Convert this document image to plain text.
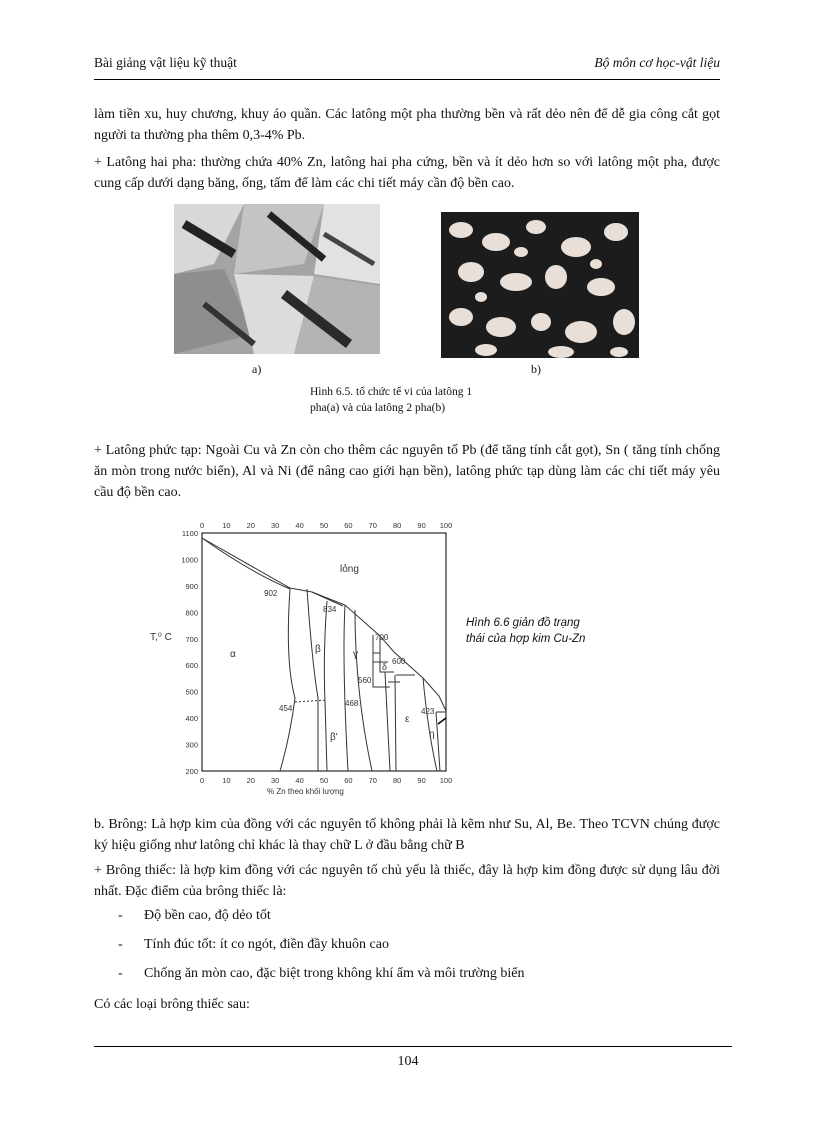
Bài giảng vật liệu kỹ thuật	Bộ môn cơ học-vật liệu

làm tiền xu, huy chương, khuy áo quần. Các latông một pha thường bền và rất dẻo nên để dễ gia công cắt gọt người ta thường pha thêm 0,3-4% Pb.

+ Latông hai pha: thường chứa 40% Zn, latông hai pha cứng, bền và ít dẻo hơn so với latông một pha, được cung cấp dưới dạng băng, ống, tấm để làm các chi tiết máy cần độ bền cao.

a)	b)
Hình 6.5. tổ chức tế vi của latông 1
pha(a) và của latông 2 pha(b)

+ Latông phức tạp: Ngoài Cu và Zn còn cho thêm các nguyên tố Pb (để tăng tính cắt gọt), Sn ( tăng tính chống ăn mòn trong nước biển), Al và Ni (để nâng cao giới hạn bền), latông phức tạp dùng làm các chi tiết máy yêu cầu độ bền cao.

0
0
10
10
20
20
30
30
40
40
50
50
60
60
70
70
80
80
90
90
100
100
200
300
400
500
600
700
800
900
1000
1100
lỏng
α	β
β'
γ
δ
ε
η
902
834
700
600
560
454
468
423
T,⁰ C
% Zn theo khối lượng
Hình 6.6 giản đồ trạng
thái của hợp kim Cu-Zn

b. Brông: Là hợp kim của đồng với các nguyên tố không phải là kẽm như Su, Al, Be. Theo TCVN chúng được ký hiệu giống như latông chỉ khác là thay chữ L ở đầu bằng chữ B

+ Brông thiếc: là hợp kim đồng với các nguyên tố chủ yếu là thiếc, đây là hợp kim đồng được sử dụng lâu đời nhất. Đặc điểm của brông thiếc là:

- Độ bền cao, độ dẻo tốt
- Tính đúc tốt: ít co ngót, điền đầy khuôn cao
- Chống ăn mòn cao, đặc biệt trong không khí ẩm và môi trường biển

Có các loại brông thiếc sau:

104
